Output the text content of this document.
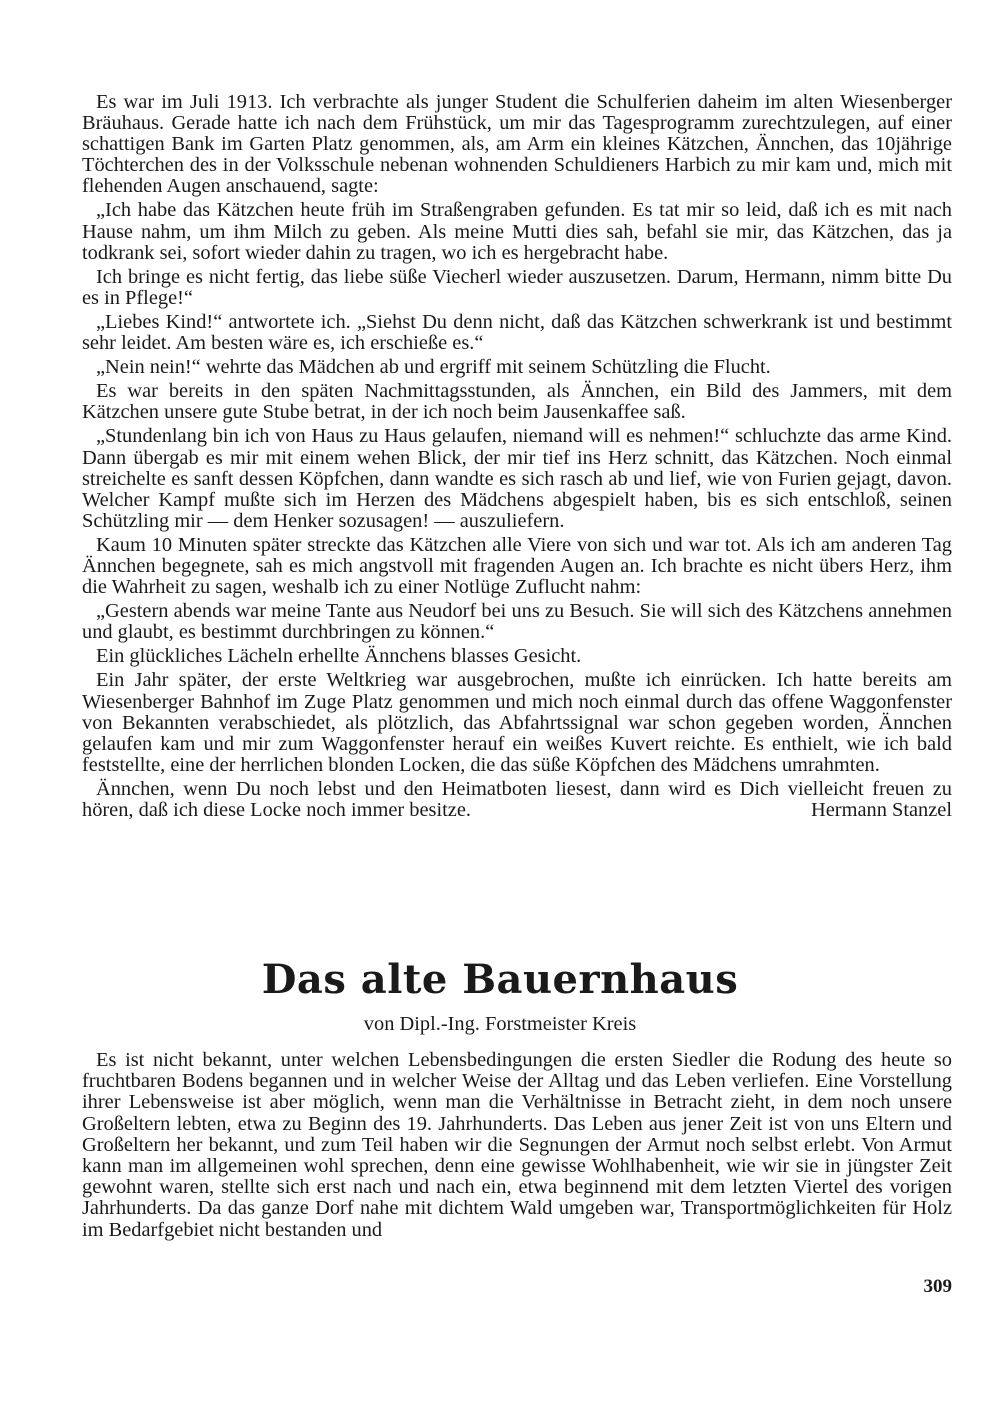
Es war im Juli 1913. Ich verbrachte als junger Student die Schulferien daheim im alten Wiesenberger Bräuhaus. Gerade hatte ich nach dem Frühstück, um mir das Tagesprogramm zurechtzulegen, auf einer schattigen Bank im Garten Platz genommen, als, am Arm ein kleines Kätzchen, Ännchen, das 10jährige Töchterchen des in der Volksschule nebenan wohnenden Schuldieners Harbich zu mir kam und, mich mit flehenden Augen anschauend, sagte:

„Ich habe das Kätzchen heute früh im Straßengraben gefunden. Es tat mir so leid, daß ich es mit nach Hause nahm, um ihm Milch zu geben. Als meine Mutti dies sah, befahl sie mir, das Kätzchen, das ja todkrank sei, sofort wieder dahin zu tragen, wo ich es hergebracht habe.

Ich bringe es nicht fertig, das liebe süße Viecherl wieder auszusetzen. Darum, Hermann, nimm bitte Du es in Pflege!“

„Liebes Kind!“ antwortete ich. „Siehst Du denn nicht, daß das Kätzchen schwerkrank ist und bestimmt sehr leidet. Am besten wäre es, ich erschieße es.“

„Nein nein!“ wehrte das Mädchen ab und ergriff mit seinem Schützling die Flucht.

Es war bereits in den späten Nachmittagsstunden, als Ännchen, ein Bild des Jammers, mit dem Kätzchen unsere gute Stube betrat, in der ich noch beim Jausenkaffee saß.

„Stundenlang bin ich von Haus zu Haus gelaufen, niemand will es nehmen!“ schluchzte das arme Kind. Dann übergab es mir mit einem wehen Blick, der mir tief ins Herz schnitt, das Kätzchen. Noch einmal streichelte es sanft dessen Köpfchen, dann wandte es sich rasch ab und lief, wie von Furien gejagt, davon. Welcher Kampf mußte sich im Herzen des Mädchens abgespielt haben, bis es sich entschloß, seinen Schützling mir — dem Henker sozusagen! — auszuliefern.

Kaum 10 Minuten später streckte das Kätzchen alle Viere von sich und war tot. Als ich am anderen Tag Ännchen begegnete, sah es mich angstvoll mit fragenden Augen an. Ich brachte es nicht übers Herz, ihm die Wahrheit zu sagen, weshalb ich zu einer Notlüge Zuflucht nahm:

„Gestern abends war meine Tante aus Neudorf bei uns zu Besuch. Sie will sich des Kätzchens annehmen und glaubt, es bestimmt durchbringen zu können.“

Ein glückliches Lächeln erhellte Ännchens blasses Gesicht.

Ein Jahr später, der erste Weltkrieg war ausgebrochen, mußte ich einrücken. Ich hatte bereits am Wiesenberger Bahnhof im Zuge Platz genommen und mich noch einmal durch das offene Waggonfenster von Bekannten verabschiedet, als plötzlich, das Abfahrtssignal war schon gegeben worden, Ännchen gelaufen kam und mir zum Waggonfenster herauf ein weißes Kuvert reichte. Es enthielt, wie ich bald feststellte, eine der herrlichen blonden Locken, die das süße Köpfchen des Mädchens umrahmten.

Ännchen, wenn Du noch lebst und den Heimatboten liesest, dann wird es Dich vielleicht freuen zu hören, daß ich diese Locke noch immer besitze.	Hermann Stanzel

Das alte Bauernhaus
von Dipl.-Ing. Forstmeister Kreis

Es ist nicht bekannt, unter welchen Lebensbedingungen die ersten Siedler die Rodung des heute so fruchtbaren Bodens begannen und in welcher Weise der Alltag und das Leben verliefen. Eine Vorstellung ihrer Lebensweise ist aber möglich, wenn man die Verhältnisse in Betracht zieht, in dem noch unsere Großeltern lebten, etwa zu Beginn des 19. Jahrhunderts. Das Leben aus jener Zeit ist von uns Eltern und Großeltern her bekannt, und zum Teil haben wir die Segnungen der Armut noch selbst erlebt. Von Armut kann man im allgemeinen wohl sprechen, denn eine gewisse Wohlhabenheit, wie wir sie in jüngster Zeit gewohnt waren, stellte sich erst nach und nach ein, etwa beginnend mit dem letzten Viertel des vorigen Jahrhunderts. Da das ganze Dorf nahe mit dichtem Wald umgeben war, Transportmöglichkeiten für Holz im Bedarfgebiet nicht bestanden und

309
